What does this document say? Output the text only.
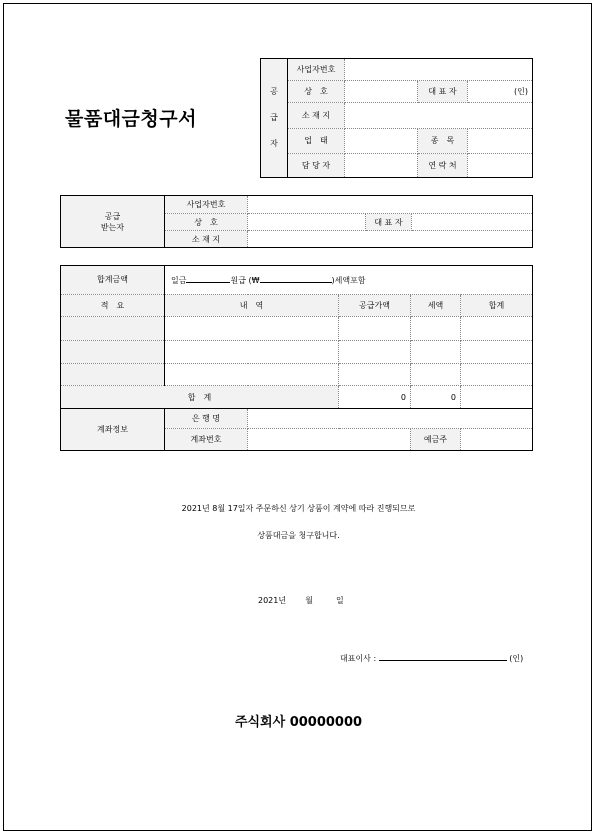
물품대금청구서
공
급
자	사업자번호			
	상　호		대 표 자	(인)
	소 재 지			
	업　태		종　목	
	담 당 자		연 락 처	
공급
받는자	사업자번호			
	상　호		대 표 자	
	소 재 지			
합계금액	일금 원급 (₩ )세액포함				
적　요	내　역		공급가액	세액	합계

합　계			0	0	
계좌정보	은 행 명				
	계좌번호			예금주	
2021년 8월 17일자 주문하신 상기 상품이 계약에 따라 진행되므로
상품대금을 청구합니다.
2021년 월	일
대표이사 :	(인)
주식회사 00000000
